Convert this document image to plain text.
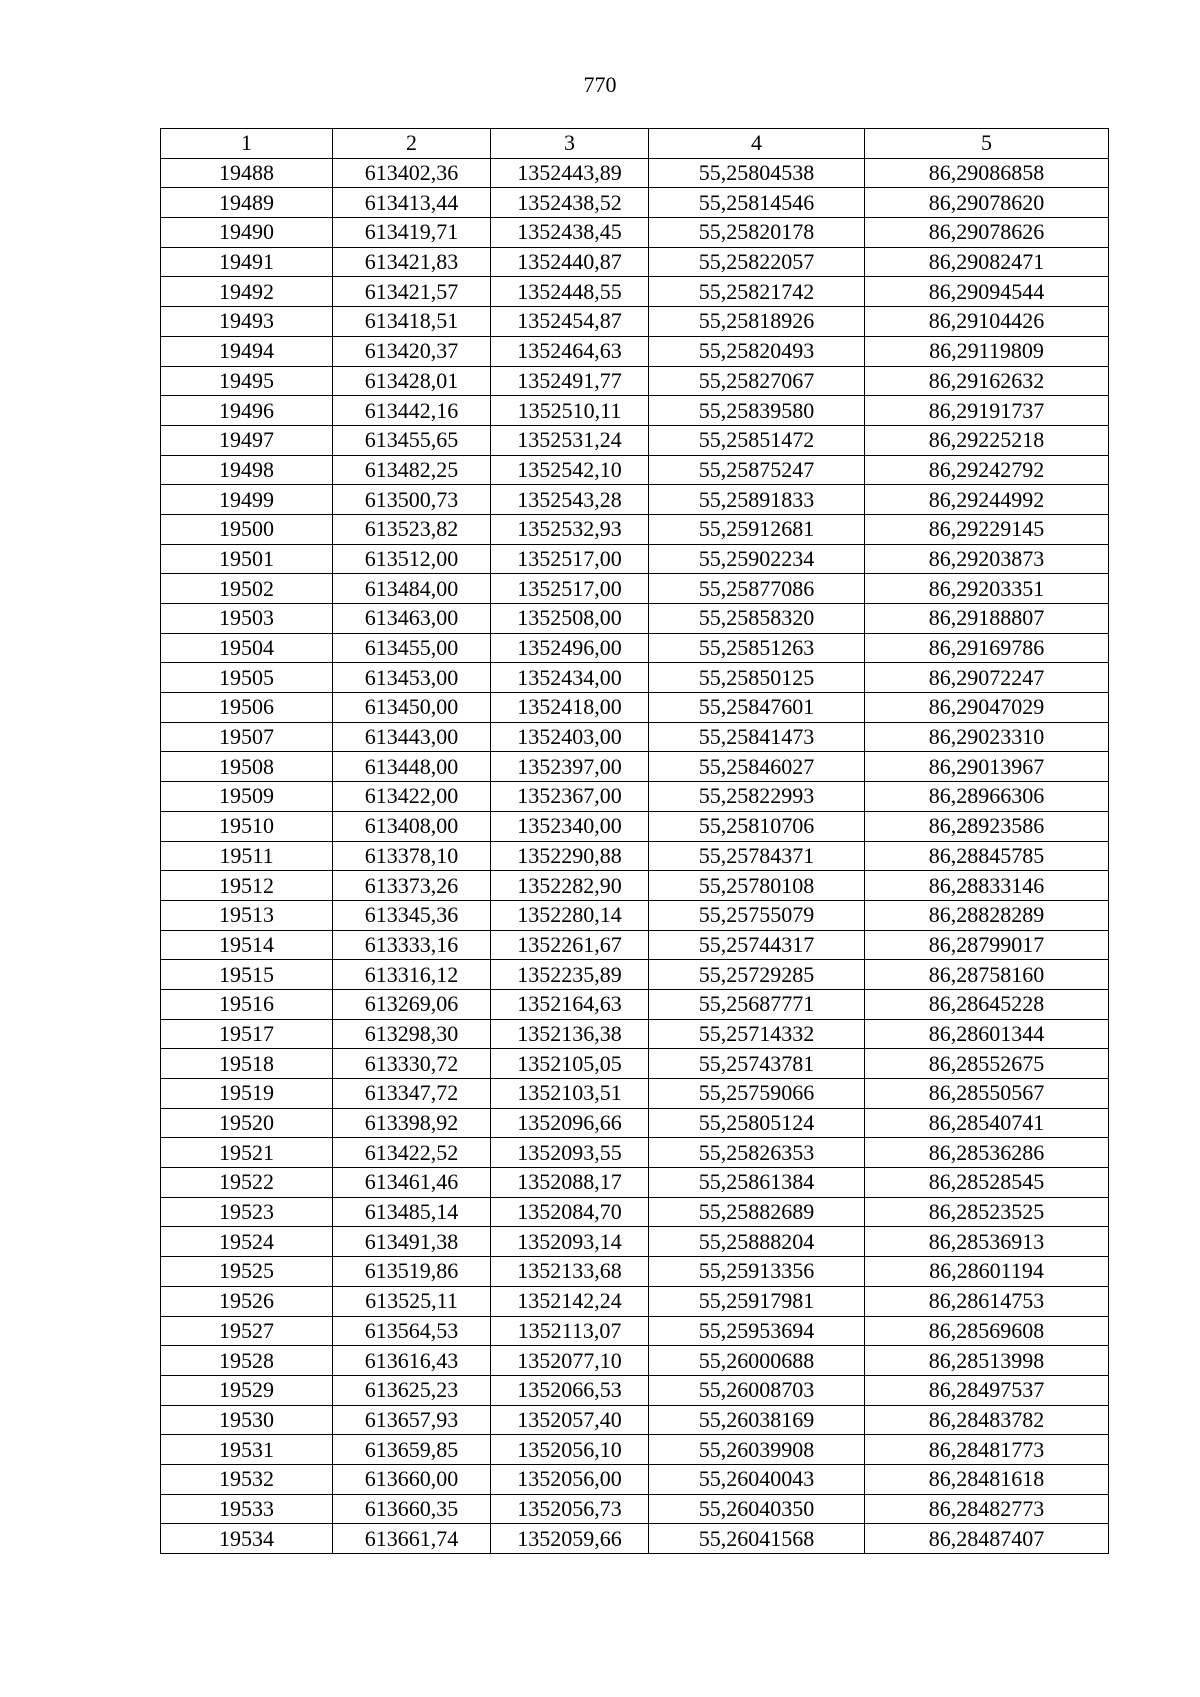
770
1	2	3	4	5
19488	613402,36	1352443,89	55,25804538	86,29086858
19489	613413,44	1352438,52	55,25814546	86,29078620
19490	613419,71	1352438,45	55,25820178	86,29078626
19491	613421,83	1352440,87	55,25822057	86,29082471
19492	613421,57	1352448,55	55,25821742	86,29094544
19493	613418,51	1352454,87	55,25818926	86,29104426
19494	613420,37	1352464,63	55,25820493	86,29119809
19495	613428,01	1352491,77	55,25827067	86,29162632
19496	613442,16	1352510,11	55,25839580	86,29191737
19497	613455,65	1352531,24	55,25851472	86,29225218
19498	613482,25	1352542,10	55,25875247	86,29242792
19499	613500,73	1352543,28	55,25891833	86,29244992
19500	613523,82	1352532,93	55,25912681	86,29229145
19501	613512,00	1352517,00	55,25902234	86,29203873
19502	613484,00	1352517,00	55,25877086	86,29203351
19503	613463,00	1352508,00	55,25858320	86,29188807
19504	613455,00	1352496,00	55,25851263	86,29169786
19505	613453,00	1352434,00	55,25850125	86,29072247
19506	613450,00	1352418,00	55,25847601	86,29047029
19507	613443,00	1352403,00	55,25841473	86,29023310
19508	613448,00	1352397,00	55,25846027	86,29013967
19509	613422,00	1352367,00	55,25822993	86,28966306
19510	613408,00	1352340,00	55,25810706	86,28923586
19511	613378,10	1352290,88	55,25784371	86,28845785
19512	613373,26	1352282,90	55,25780108	86,28833146
19513	613345,36	1352280,14	55,25755079	86,28828289
19514	613333,16	1352261,67	55,25744317	86,28799017
19515	613316,12	1352235,89	55,25729285	86,28758160
19516	613269,06	1352164,63	55,25687771	86,28645228
19517	613298,30	1352136,38	55,25714332	86,28601344
19518	613330,72	1352105,05	55,25743781	86,28552675
19519	613347,72	1352103,51	55,25759066	86,28550567
19520	613398,92	1352096,66	55,25805124	86,28540741
19521	613422,52	1352093,55	55,25826353	86,28536286
19522	613461,46	1352088,17	55,25861384	86,28528545
19523	613485,14	1352084,70	55,25882689	86,28523525
19524	613491,38	1352093,14	55,25888204	86,28536913
19525	613519,86	1352133,68	55,25913356	86,28601194
19526	613525,11	1352142,24	55,25917981	86,28614753
19527	613564,53	1352113,07	55,25953694	86,28569608
19528	613616,43	1352077,10	55,26000688	86,28513998
19529	613625,23	1352066,53	55,26008703	86,28497537
19530	613657,93	1352057,40	55,26038169	86,28483782
19531	613659,85	1352056,10	55,26039908	86,28481773
19532	613660,00	1352056,00	55,26040043	86,28481618
19533	613660,35	1352056,73	55,26040350	86,28482773
19534	613661,74	1352059,66	55,26041568	86,28487407
